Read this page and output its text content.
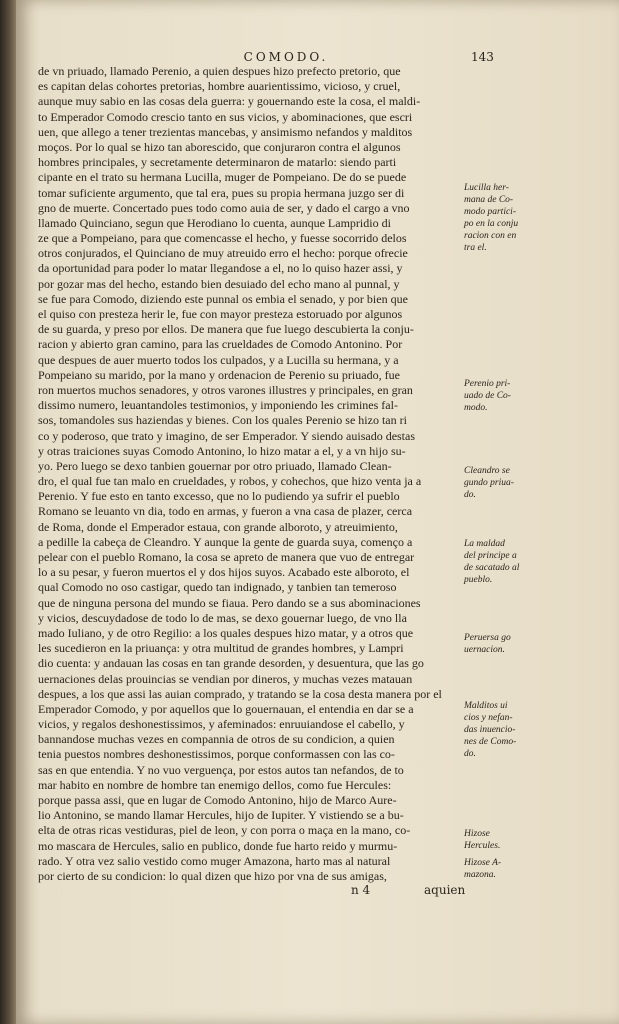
COMODO.	143
de vn priuado, llamado Perenio, a quien despues hizo prefecto pretorio, que
es capitan delas cohortes pretorias, hombre auarientissimo, vicioso, y cruel,
aunque muy sabio en las cosas dela guerra: y gouernando este la cosa, el maldi-
to Emperador Comodo crescio tanto en sus vicios, y abominaciones, que escri
uen, que allego a tener trezientas mancebas, y ansimismo nefandos y malditos
moços. Por lo qual se hizo tan aborescido, que conjuraron contra el algunos
hombres principales, y secretamente determinaron de matarlo: siendo parti
cipante en el trato su hermana Lucilla, muger de Pompeiano. De do se puede
tomar suficiente argumento, que tal era, pues su propia hermana juzgo ser di
gno de muerte. Concertado pues todo como auia de ser, y dado el cargo a vno
llamado Quinciano, segun que Herodiano lo cuenta, aunque Lampridio di
ze que a Pompeiano, para que comencasse el hecho, y fuesse socorrido delos
otros conjurados, el Quinciano de muy atreuido erro el hecho: porque ofrecie
da oportunidad para poder lo matar llegandose a el, no lo quiso hazer assi, y
por gozar mas del hecho, estando bien desuiado del echo mano al punnal, y
se fue para Comodo, diziendo este punnal os embia el senado, y por bien que
el quiso con presteza herir le, fue con mayor presteza estoruado por algunos
de su guarda, y preso por ellos. De manera que fue luego descubierta la conju-
racion y abierto gran camino, para las crueldades de Comodo Antonino. Por
que despues de auer muerto todos los culpados, y a Lucilla su hermana, y a
Pompeiano su marido, por la mano y ordenacion de Perenio su priuado, fue
ron muertos muchos senadores, y otros varones illustres y principales, en gran
dissimo numero, leuantandoles testimonios, y imponiendo les crimines fal-
sos, tomandoles sus haziendas y bienes. Con los quales Perenio se hizo tan ri
co y poderoso, que trato y imagino, de ser Emperador. Y siendo auisado destas
y otras traiciones suyas Comodo Antonino, lo hizo matar a el, y a vn hijo su-
yo. Pero luego se dexo tanbien gouernar por otro priuado, llamado Clean-
dro, el qual fue tan malo en crueldades, y robos, y cohechos, que hizo venta ja a
Perenio. Y fue esto en tanto excesso, que no lo pudiendo ya sufrir el pueblo
Romano se leuanto vn dia, todo en armas, y fueron a vna casa de plazer, cerca
de Roma, donde el Emperador estaua, con grande alboroto, y atreuimiento,
a pedille la cabeça de Cleandro. Y aunque la gente de guarda suya, començo a
pelear con el pueblo Romano, la cosa se apreto de manera que vuo de entregar
lo a su pesar, y fueron muertos el y dos hijos suyos. Acabado este alboroto, el
qual Comodo no oso castigar, quedo tan indignado, y tanbien tan temeroso
que de ninguna persona del mundo se fiaua. Pero dando se a sus abominaciones
y vicios, descuydadose de todo lo de mas, se dexo gouernar luego, de vno lla
mado Iuliano, y de otro Regilio: a los quales despues hizo matar, y a otros que
les sucedieron en la priuança: y otra multitud de grandes hombres, y Lampri
dio cuenta: y andauan las cosas en tan grande desorden, y desuentura, que las go
uernaciones delas prouincias se vendian por dineros, y muchas vezes matauan
despues, a los que assi las auian comprado, y tratando se la cosa desta manera por el
Emperador Comodo, y por aquellos que lo gouernauan, el entendia en dar se a
vicios, y regalos deshonestissimos, y afeminados: enruuiandose el cabello, y
bannandose muchas vezes en compannia de otros de su condicion, a quien
tenia puestos nombres deshonestissimos, porque conformassen con las co-
sas en que entendia. Y no vuo verguença, por estos autos tan nefandos, de to
mar habito en nombre de hombre tan enemigo dellos, como fue Hercules:
porque passa assi, que en lugar de Comodo Antonino, hijo de Marco Aure-
lio Antonino, se mando llamar Hercules, hijo de Iupiter. Y vistiendo se a bu-
elta de otras ricas vestiduras, piel de leon, y con porra o maça en la mano, co-
mo mascara de Hercules, salio en publico, donde fue harto reido y murmu-
rado. Y otra vez salio vestido como muger Amazona, harto mas al natural
por cierto de su condicion: lo qual dizen que hizo por vna de sus amigas,
Lucilla her-
mana de Co-
modo partici-
po en la conju
racion con en
tra el.
Perenio pri-
uado de Co-
modo.
Cleandro se
gundo priua-
do.
La maldad
del principe a
de sacatado al
pueblo.
Peruersa go
uernacion.
Malditos ui
cios y nefan-
das inuencio-
nes de Como-
do.
Hizose
Hercules.
Hizose A-
mazona.
n 4	aquien
